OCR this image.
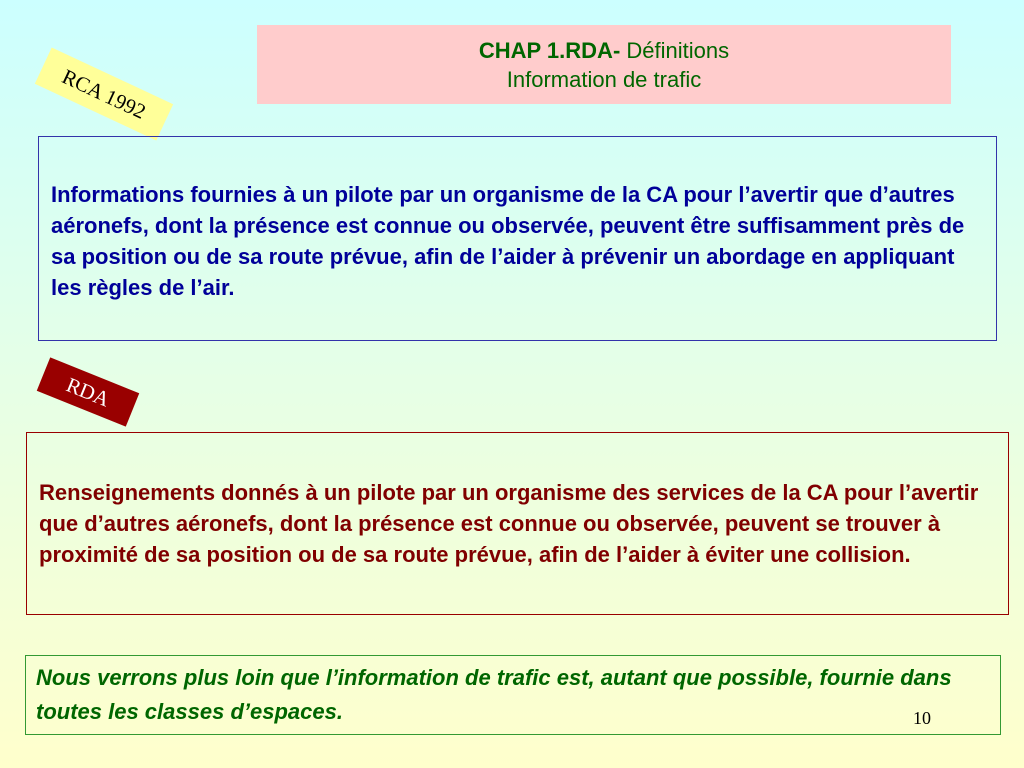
CHAP 1.RDA- Définitions
Information de trafic
RCA 1992
Informations fournies à un pilote par un organisme de la CA pour l’avertir que d’autres aéronefs, dont la présence est connue ou observée, peuvent être suffisamment près de sa position ou de sa route prévue, afin de l’aider à prévenir un abordage en appliquant les règles de l’air.
RDA
Renseignements donnés à un pilote par un organisme des services de la CA pour l’avertir que d’autres aéronefs, dont la présence est connue ou observée, peuvent se trouver à proximité de sa position ou de sa route prévue, afin de l’aider à éviter une collision.
Nous verrons plus loin que l’information de trafic est, autant que possible, fournie dans toutes les classes d’espaces.	10
